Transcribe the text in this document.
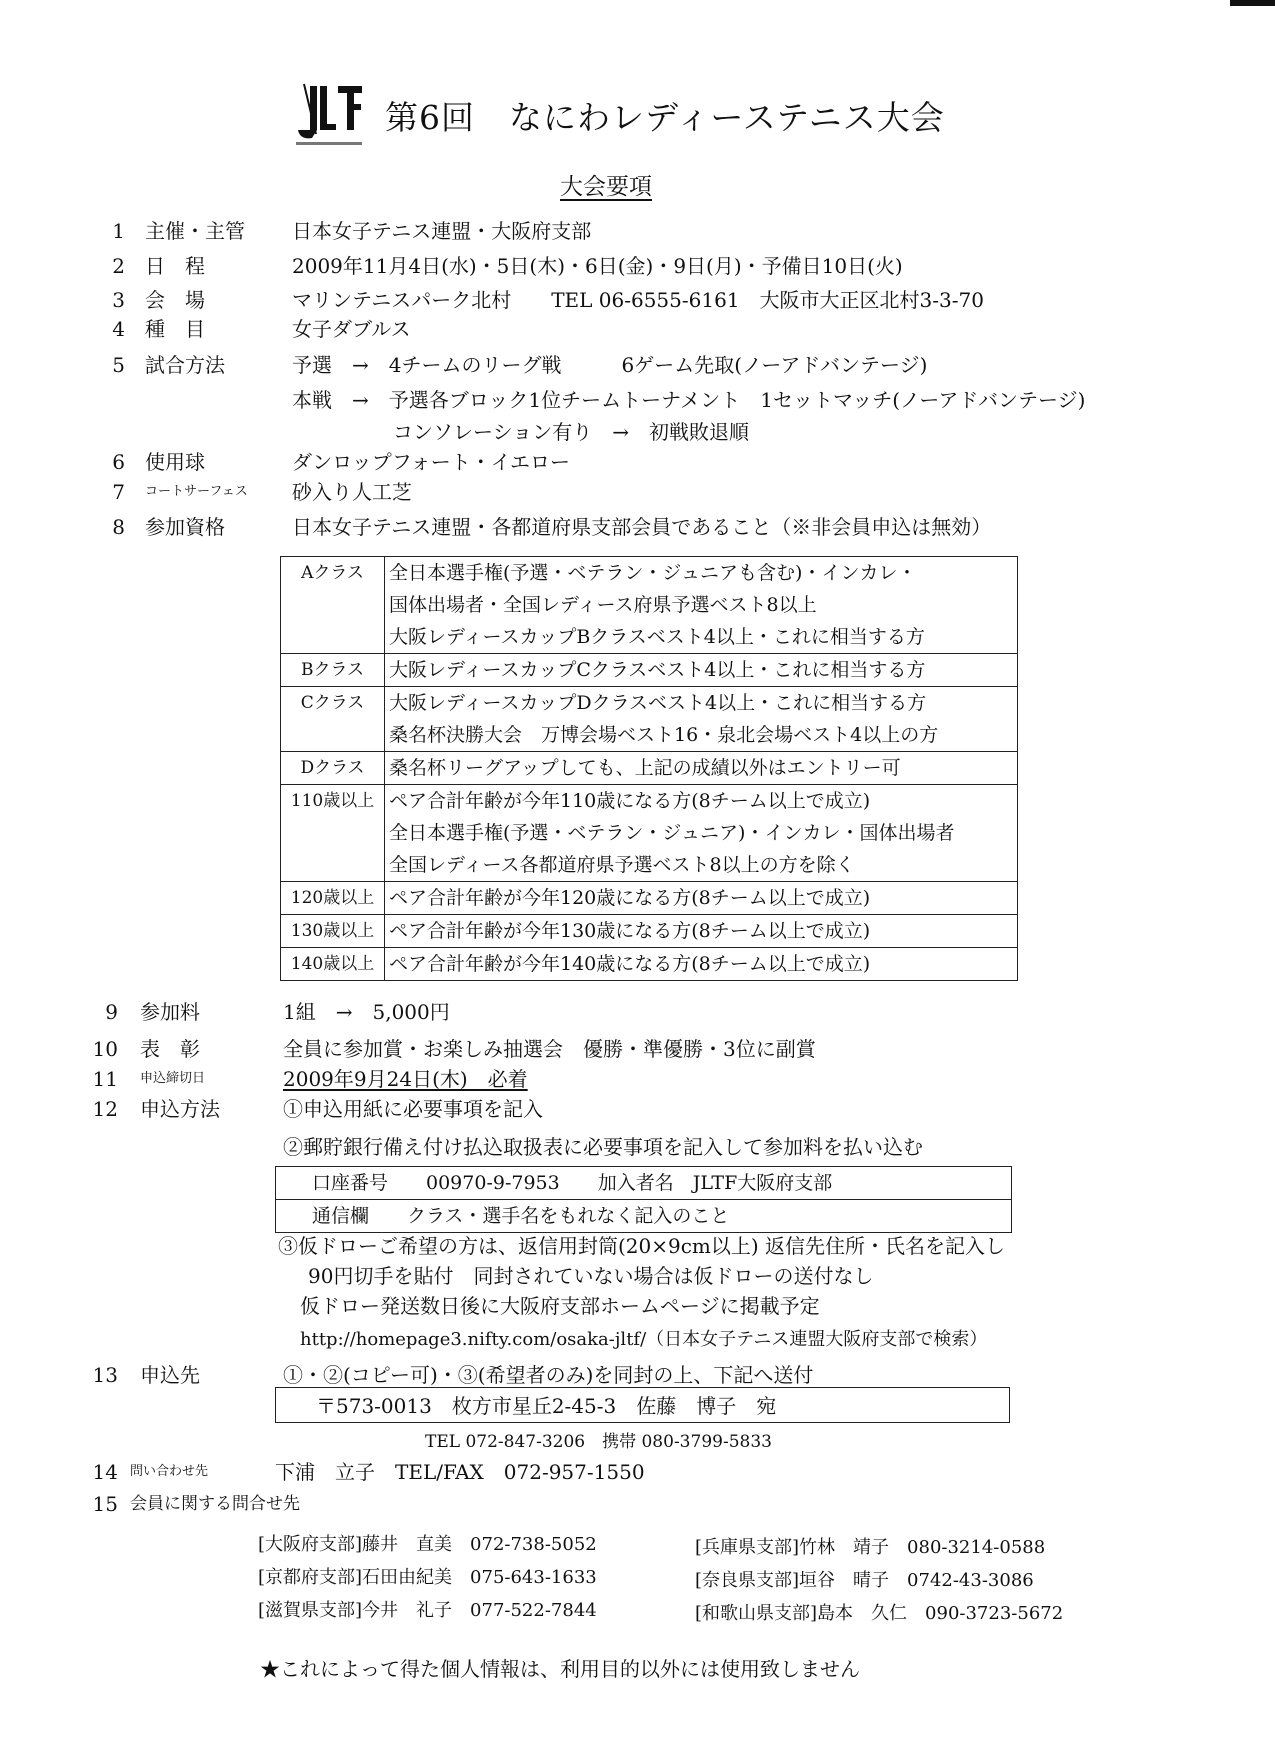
第6回　なにわレディーステニス大会
大会要項
1 主催・主管 日本女子テニス連盟・大阪府支部
2 日　程	2009年11月4日(水)・5日(木)・6日(金)・9日(月)・予備日10日(火)
3 会　場	マリンテニスパーク北村　　TEL 06-6555-6161　大阪市大正区北村3-3-70
4 種　目	女子ダブルス
5 試合方法	予選　→　4チームのリーグ戦　　　6ゲーム先取(ノーアドバンテージ)
本戦　→　予選各ブロック1位チームトーナメント　1セットマッチ(ノーアドバンテージ)
コンソレーション有り　→　初戦敗退順
6 使用球	ダンロップフォート・イエロー
7 コートサーフェス 砂入り人工芝
8 参加資格	日本女子テニス連盟・各都道府県支部会員であること（※非会員申込は無効）
Aクラス	全日本選手権(予選・ベテラン・ジュニアも含む)・インカレ・
国体出場者・全国レディース府県予選ベスト8以上
大阪レディースカップBクラスベスト4以上・これに相当する方

Bクラス	大阪レディースカップCクラスベスト4以上・これに相当する方

Cクラス	大阪レディースカップDクラスベスト4以上・これに相当する方
桑名杯決勝大会　万博会場ベスト16・泉北会場ベスト4以上の方

Dクラス	桑名杯リーグアップしても、上記の成績以外はエントリー可

110歳以上	ペア合計年齢が今年110歳になる方(8チーム以上で成立)
全日本選手権(予選・ベテラン・ジュニア)・インカレ・国体出場者
全国レディース各都道府県予選ベスト8以上の方を除く

120歳以上	ペア合計年齢が今年120歳になる方(8チーム以上で成立)

130歳以上	ペア合計年齢が今年130歳になる方(8チーム以上で成立)

140歳以上	ペア合計年齢が今年140歳になる方(8チーム以上で成立)
9 参加料	1組　→　5,000円
10 表　彰	全員に参加賞・お楽しみ抽選会　優勝・準優勝・3位に副賞
11 申込締切日	2009年9月24日(木)　必着
12 申込方法	①申込用紙に必要事項を記入
②郵貯銀行備え付け払込取扱表に必要事項を記入して参加料を払い込む
口座番号　　00970-9-7953　　加入者名　JLTF大阪府支部
通信欄　　クラス・選手名をもれなく記入のこと
③仮ドローご希望の方は、返信用封筒(20×9cm以上) 返信先住所・氏名を記入し
90円切手を貼付　同封されていない場合は仮ドローの送付なし
仮ドロー発送数日後に大阪府支部ホームページに掲載予定
http://homepage3.nifty.com/osaka-jltf/（日本女子テニス連盟大阪府支部で検索）
13 申込先	①・②(コピー可)・③(希望者のみ)を同封の上、下記へ送付
〒573-0013　枚方市星丘2-45-3　佐藤　博子　宛
TEL 072-847-3206　携帯 080-3799-5833
14 問い合わせ先	下浦　立子　TEL/FAX　072-957-1550
15 会員に関する問合せ先
[大阪府支部]藤井　直美　072-738-5052	[兵庫県支部]竹林　靖子　080-3214-0588
[京都府支部]石田由紀美　075-643-1633	[奈良県支部]垣谷　晴子　0742-43-3086
[滋賀県支部]今井　礼子　077-522-7844	[和歌山県支部]島本　久仁　090-3723-5672
★これによって得た個人情報は、利用目的以外には使用致しません
